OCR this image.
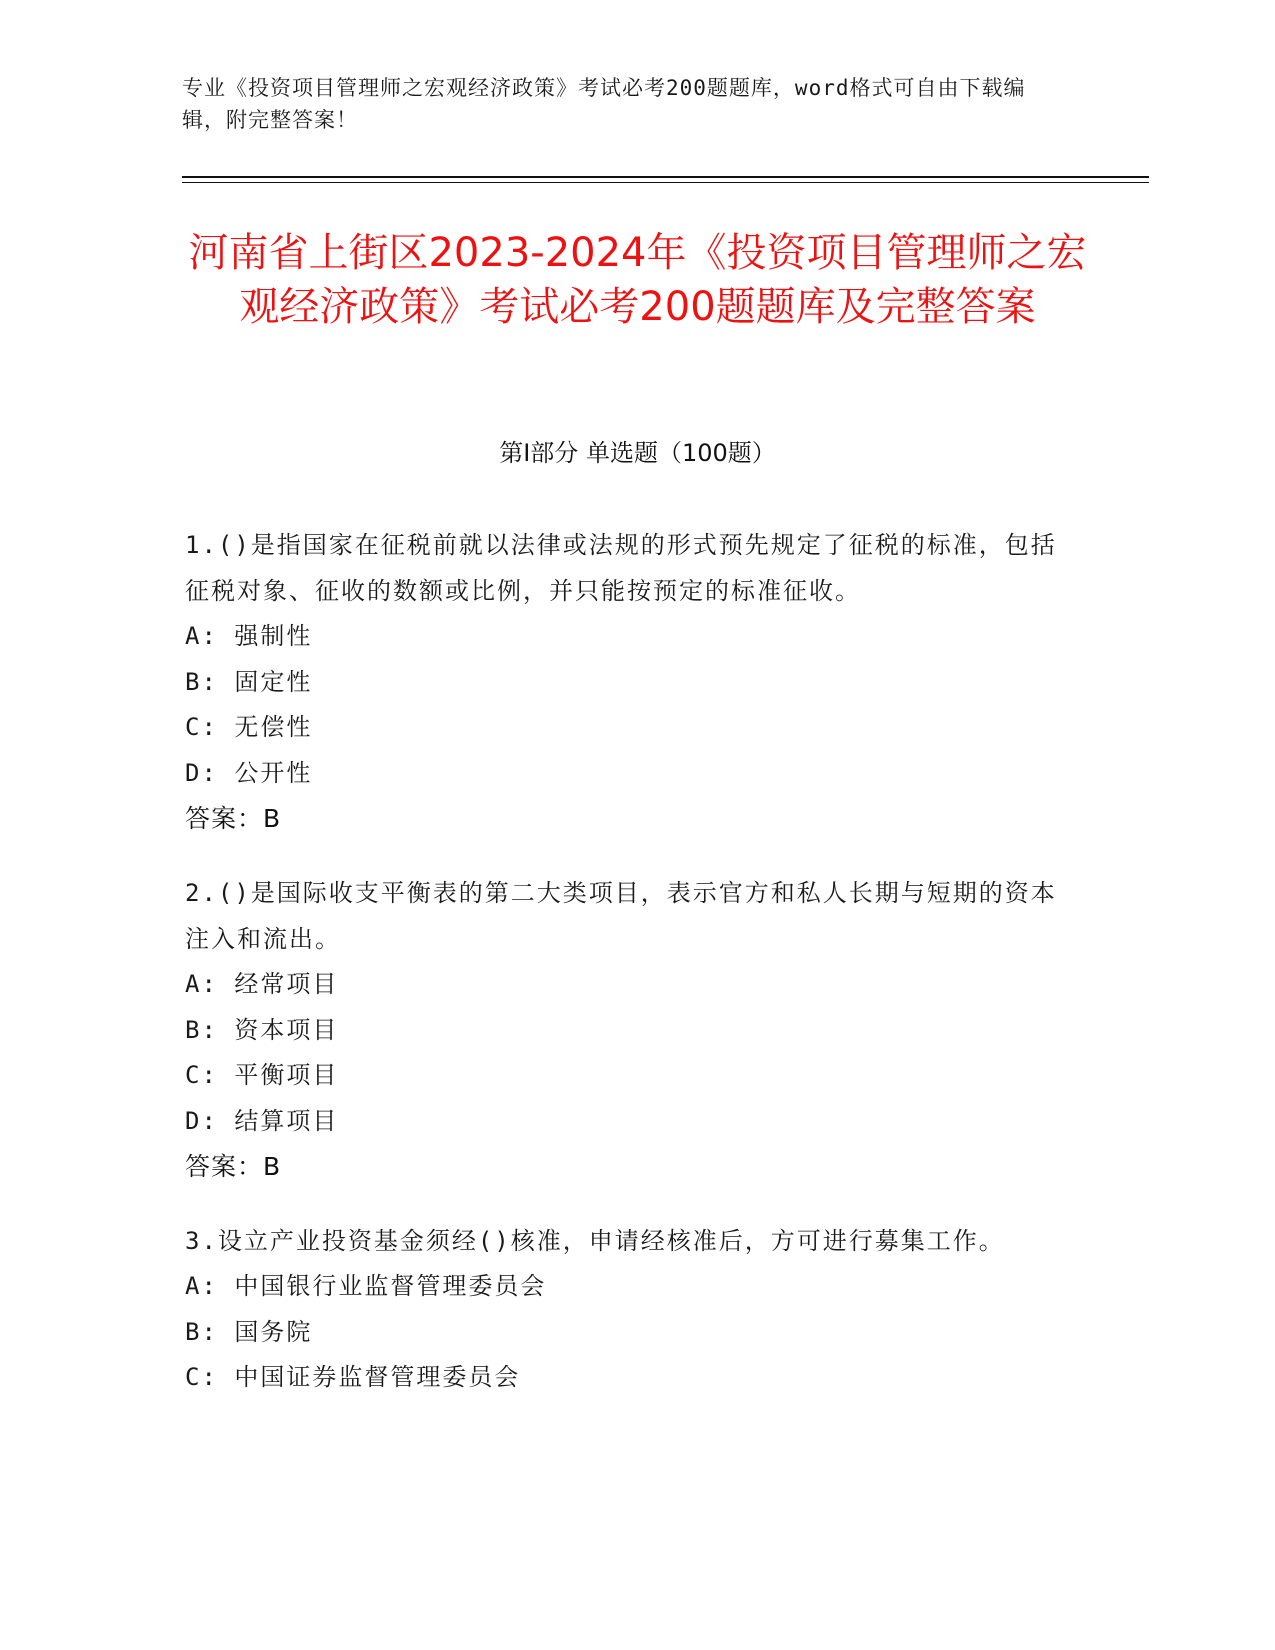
专业《投资项目管理师之宏观经济政策》考试必考200题题库，word格式可自由下载编辑，附完整答案！
河南省上街区2023-2024年《投资项目管理师之宏观经济政策》考试必考200题题库及完整答案
第I部分 单选题（100题）
1.()是指国家在征税前就以法律或法规的形式预先规定了征税的标准，包括征税对象、征收的数额或比例，并只能按预定的标准征收。
A: 强制性
B: 固定性
C: 无偿性
D: 公开性
答案：B
2.()是国际收支平衡表的第二大类项目，表示官方和私人长期与短期的资本注入和流出。
A: 经常项目
B: 资本项目
C: 平衡项目
D: 结算项目
答案：B
3.设立产业投资基金须经()核准，申请经核准后，方可进行募集工作。
A: 中国银行业监督管理委员会
B: 国务院
C: 中国证券监督管理委员会
